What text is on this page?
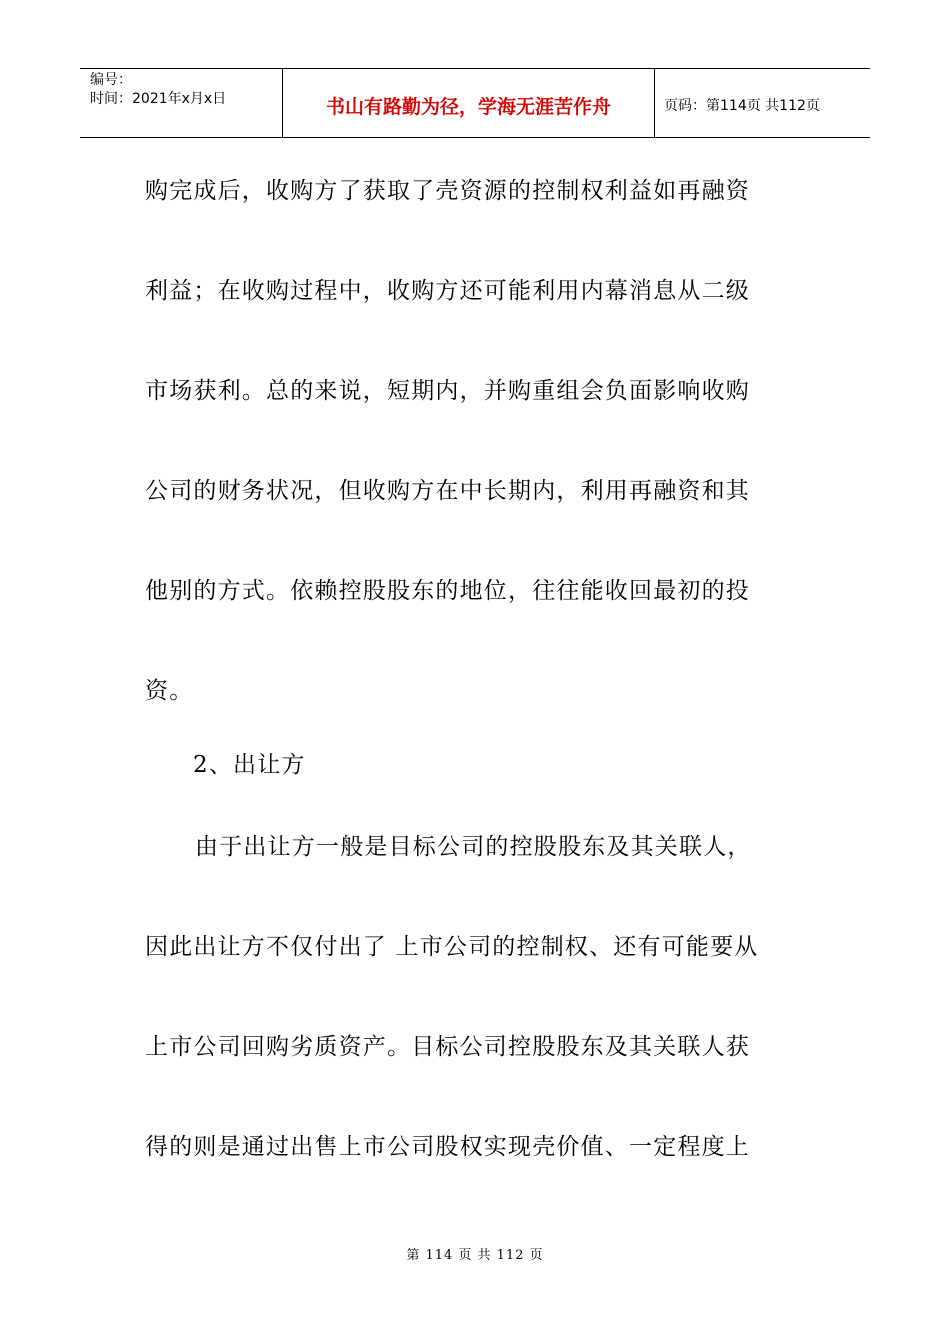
编号：
时间：2021年x月x日	书山有路勤为径，学海无涯苦作舟	页码：第114页 共112页
购完成后，收购方了获取了壳资源的控制权利益如再融资
利益；在收购过程中，收购方还可能利用内幕消息从二级
市场获利。总的来说，短期内，并购重组会负面影响收购
公司的财务状况，但收购方在中长期内，利用再融资和其
他别的方式。依赖控股股东的地位，往往能收回最初的投
资。
2、出让方
由于出让方一般是目标公司的控股股东及其关联人，
因此出让方不仅付出了 上市公司的控制权、还有可能要从
上市公司回购劣质资产。目标公司控股股东及其关联人获
得的则是通过出售上市公司股权实现壳价值、一定程度上
第 114 页 共 112 页
